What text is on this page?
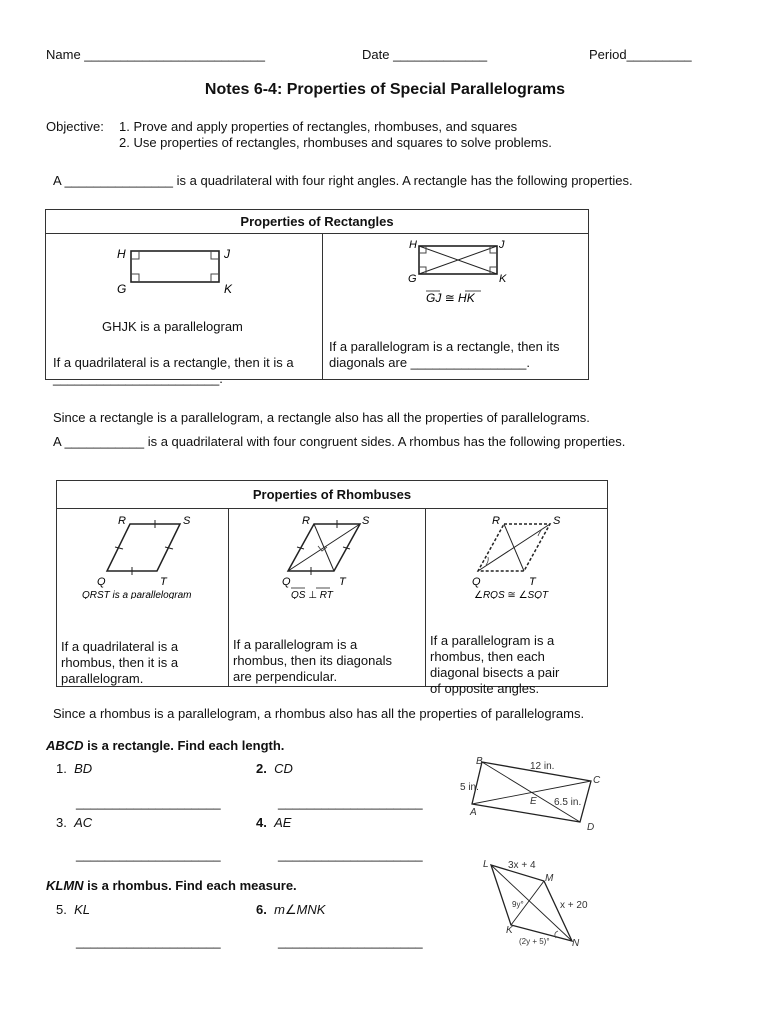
Name _________________________	Date _____________	Period_________
Notes 6-4: Properties of Special Parallelograms
Objective: 1. Prove and apply properties of rectangles, rhombuses, and squares
2. Use properties of rectangles, rhombuses and squares to solve problems.
A _______________ is a quadrilateral with four right angles. A rectangle has the following properties.
Properties of Rectangles

H	J
G	K
GHJK is a parallelogram
If a quadrilateral is a rectangle, then it is a
_______________________.

H	J
G	K
GJ ≅ HK
If a parallelogram is a rectangle, then its
diagonals are ________________.
Since a rectangle is a parallelogram, a rectangle also has all the properties of parallelograms.
A ___________ is a quadrilateral with four congruent sides. A rhombus has the following properties.
Properties of Rhombuses

R	S
Q	T
QRST is a parallelogram
If a quadrilateral is a
rhombus, then it is a
parallelogram.

R	S
Q	T
QS ⊥ RT
If a parallelogram is a
rhombus, then its diagonals
are perpendicular.

R	S
Q	T
∠RQS ≅ ∠SQT
If a parallelogram is a
rhombus, then each
diagonal bisects a pair
of opposite angles.
Since a rhombus is a parallelogram, a rhombus also has all the properties of parallelograms.
ABCD is a rectangle. Find each length.
1. BD	2. CD
____________________	____________________
3. AC	4. AE
____________________	____________________
B
C
A
D
E
12 in.
5 in.
6.5 in.
KLMN is a rhombus. Find each measure.
5. KL	6. m∠MNK
____________________	____________________
L
M
K
N
3x + 4
x + 20
9y°
(2y + 5)°
